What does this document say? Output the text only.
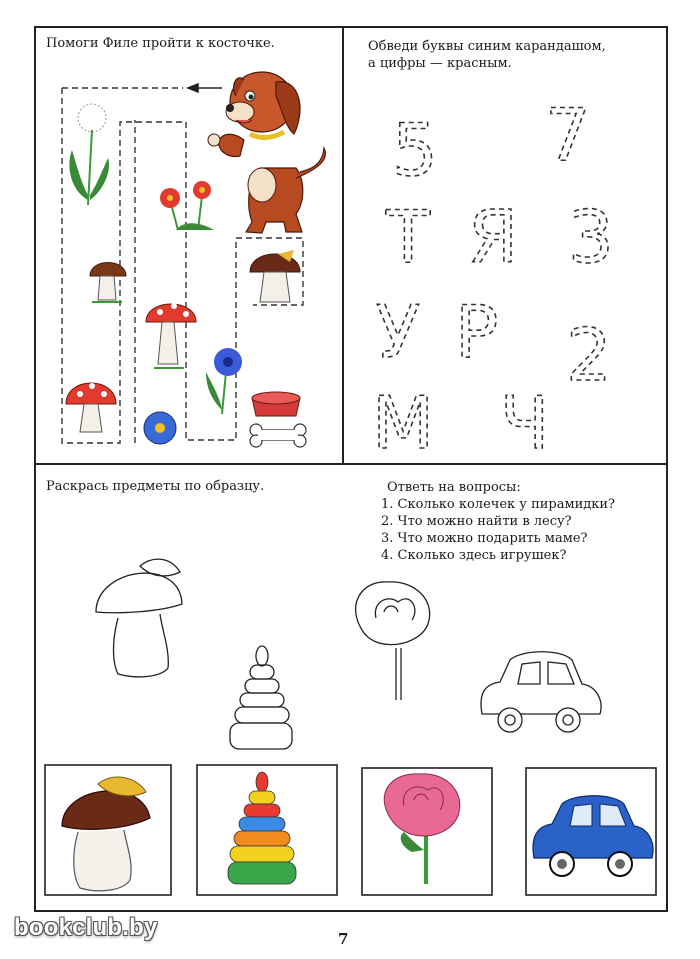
Помоги Филе пройти к косточке.	Обведи буквы синим карандашом,
а цифры — красным.
Раскрась предметы по образцу.	Ответь на вопросы:
1. Сколько колечек у пирамидки?
2. Что можно найти в лесу?
3. Что можно подарить маме?
4. Сколько здесь игрушек?
5 7
Т Я 3
У Р 2
М Ч
7
bookclub.by
